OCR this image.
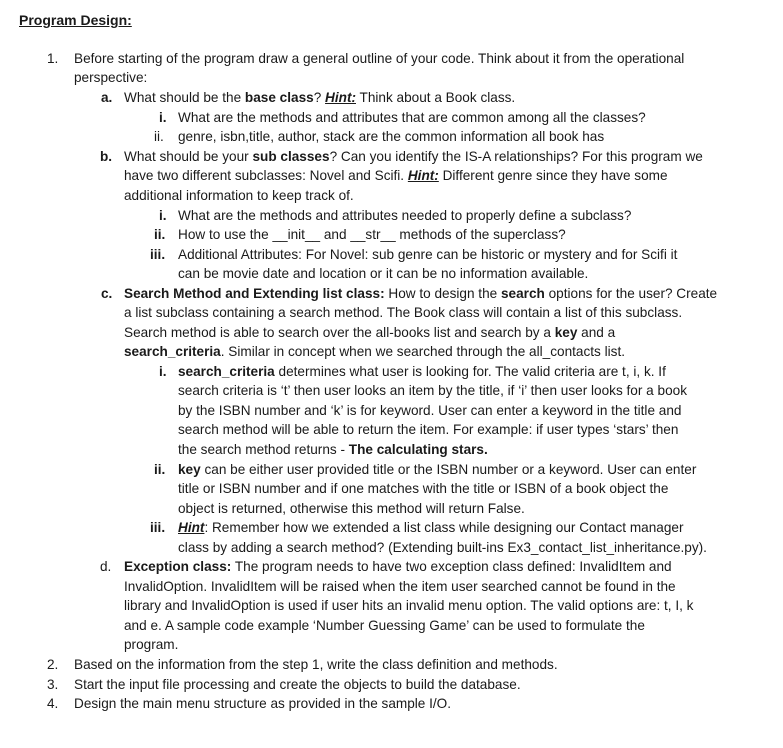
Program Design:
1. Before starting of the program draw a general outline of your code. Think about it from the operational
perspective:
a. What should be the base class? Hint: Think about a Book class.
i. What are the methods and attributes that are common among all the classes?
ii. genre, isbn,title, author, stack are the common information all book has
b. What should be your sub classes? Can you identify the IS-A relationships? For this program we
have two different subclasses: Novel and Scifi. Hint: Different genre since they have some
additional information to keep track of.
i. What are the methods and attributes needed to properly define a subclass?
ii. How to use the __init__ and __str__ methods of the superclass?
iii. Additional Attributes: For Novel: sub genre can be historic or mystery and for Scifi it
can be movie date and location or it can be no information available.
c. Search Method and Extending list class: How to design the search options for the user? Create
a list subclass containing a search method. The Book class will contain a list of this subclass.
Search method is able to search over the all-books list and search by a key and a
search_criteria. Similar in concept when we searched through the all_contacts list.
i. search_criteria determines what user is looking for. The valid criteria are t, i, k. If
search criteria is ‘t’ then user looks an item by the title, if ‘i’ then user looks for a book
by the ISBN number and ‘k’ is for keyword. User can enter a keyword in the title and
search method will be able to return the item. For example: if user types ‘stars’ then
the search method returns - The calculating stars.
ii. key can be either user provided title or the ISBN number or a keyword. User can enter
title or ISBN number and if one matches with the title or ISBN of a book object the
object is returned, otherwise this method will return False.
iii. Hint: Remember how we extended a list class while designing our Contact manager
class by adding a search method? (Extending built-ins Ex3_contact_list_inheritance.py).
d. Exception class: The program needs to have two exception class defined: InvalidItem and
InvalidOption. InvalidItem will be raised when the item user searched cannot be found in the
library and InvalidOption is used if user hits an invalid menu option. The valid options are: t, I, k
and e. A sample code example ‘Number Guessing Game’ can be used to formulate the
program.
2. Based on the information from the step 1, write the class definition and methods.
3. Start the input file processing and create the objects to build the database.
4. Design the main menu structure as provided in the sample I/O.
